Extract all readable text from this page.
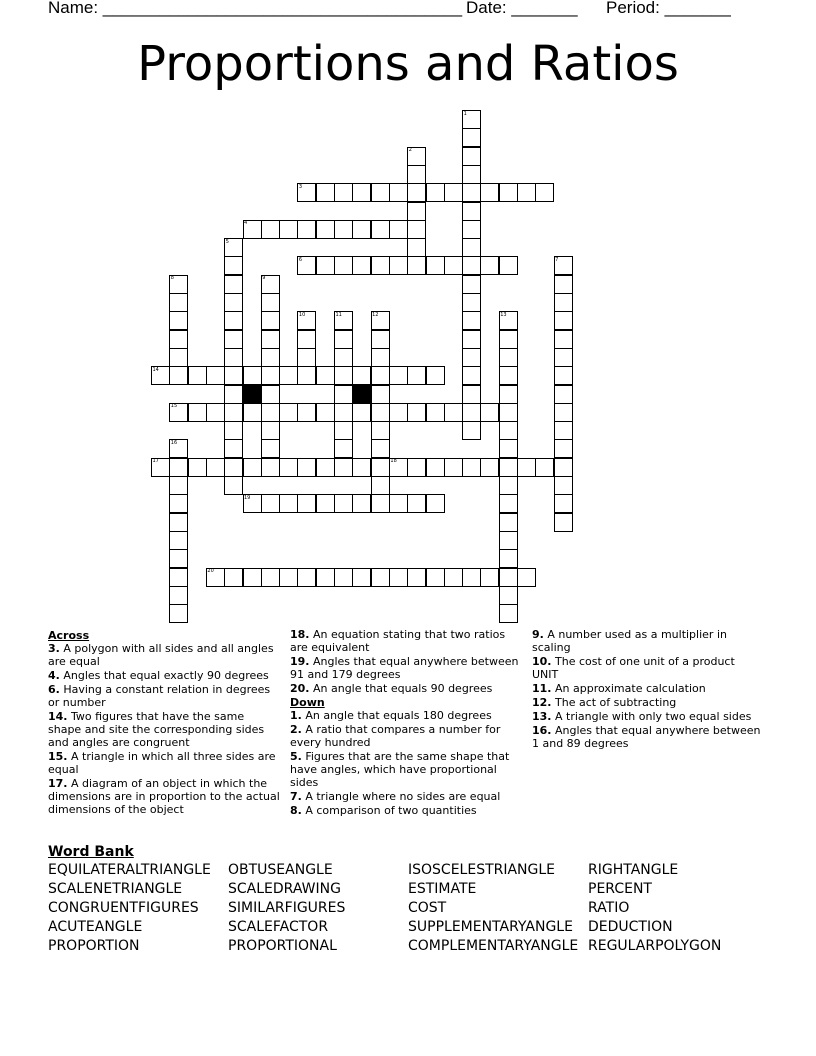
Name: ______________________________________ Date: _______ Period: _______
Proportions and Ratios
1
2
3
4
5
6	7
8	9
10	11	12	13
14
15
16
17	18
19
20
Across
3. A polygon with all sides and all angles are equal
4. Angles that equal exactly 90 degrees
6. Having a constant relation in degrees or number
14. Two figures that have the same shape and site the corresponding sides and angles are congruent
15. A triangle in which all three sides are equal
17. A diagram of an object in which the dimensions are in proportion to the actual dimensions of the object
18. An equation stating that two ratios are equivalent
19. Angles that equal anywhere between 91 and 179 degrees
20. An angle that equals 90 degrees
Down
1. An angle that equals 180 degrees
2. A ratio that compares a number for every hundred
5. Figures that are the same shape that have angles, which have proportional sides
7. A triangle where no sides are equal
8. A comparison of two quantities
9. A number used as a multiplier in scaling
10. The cost of one unit of a product UNIT
11. An approximate calculation
12. The act of subtracting
13. A triangle with only two equal sides
16. Angles that equal anywhere between 1 and 89 degrees
Word Bank
EQUILATERALTRIANGLE	OBTUSEANGLE	ISOSCELESTRIANGLE	RIGHTANGLE
SCALENETRIANGLE	SCALEDRAWING	ESTIMATE	PERCENT
CONGRUENTFIGURES	SIMILARFIGURES	COST	RATIO
ACUTEANGLE	SCALEFACTOR	SUPPLEMENTARYANGLE	DEDUCTION
PROPORTION	PROPORTIONAL	COMPLEMENTARYANGLE REGULARPOLYGON
